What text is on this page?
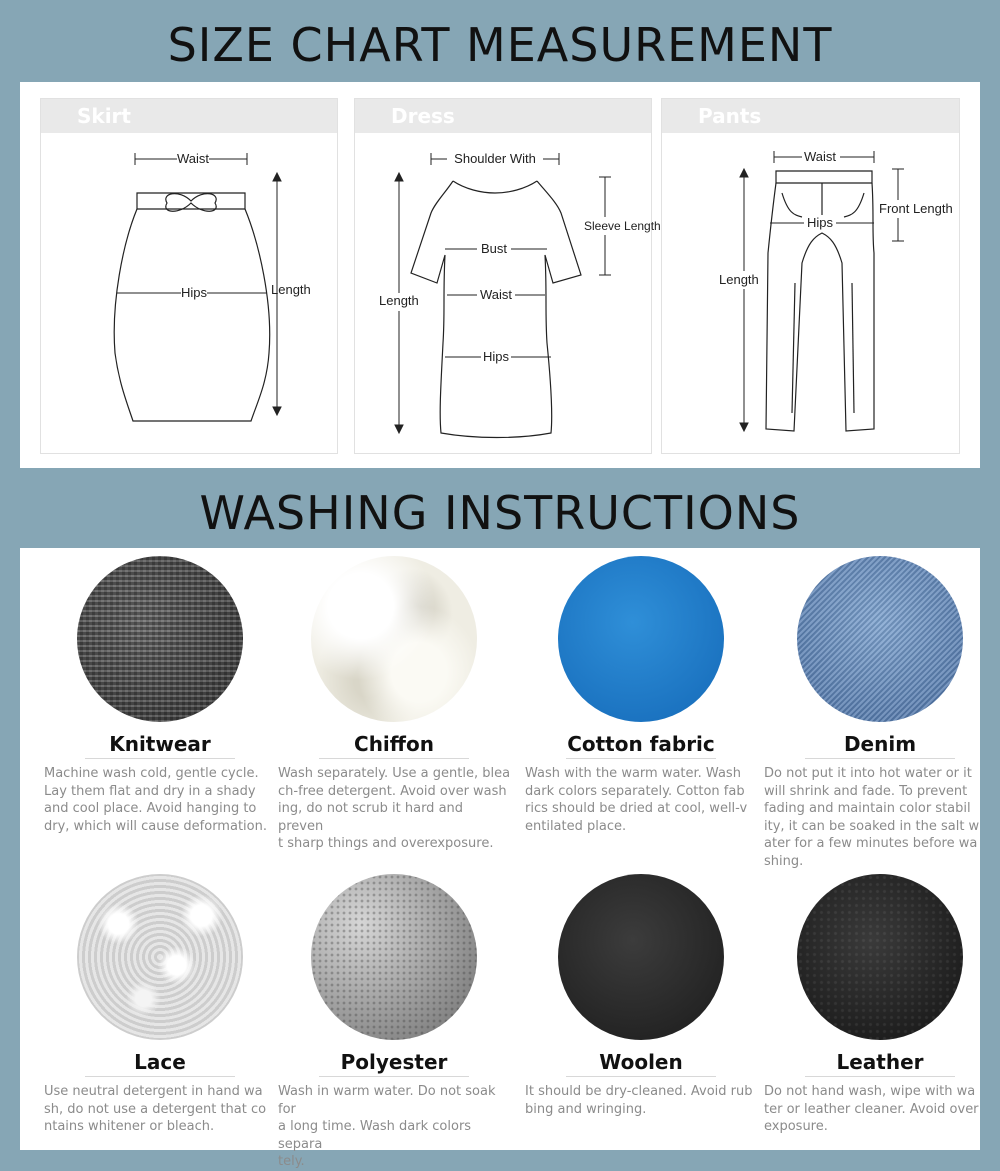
SIZE CHART MEASUREMENT
Skirt
Waist
Hips	Length
Dress
Shoulder With
Sleeve Length
Bust
Length	Waist
Hips
Pants
Waist
Front Length
Hips
Length
WASHING INSTRUCTIONS
Knitwear
Machine wash cold, gentle cycle.
Lay them flat and dry in a shady
and cool place. Avoid hanging to
dry, which will cause deformation.
Chiffon
Wash separately. Use a gentle, blea
ch-free detergent. Avoid over wash
ing, do not scrub it hard and preven
t sharp things and overexposure.
Cotton fabric
Wash with the warm water. Wash
dark colors separately. Cotton fab
rics should be dried at cool, well-v
entilated place.
Denim
Do not put it into hot water or it
will shrink and fade. To prevent
fading and maintain color stabil
ity, it can be soaked in the salt w
ater for a few minutes before wa
shing.
Lace
Use neutral detergent in hand wa
sh, do not use a detergent that co
ntains whitener or bleach.
Polyester
Wash in warm water. Do not soak for
a long time. Wash dark colors separa
tely.
Woolen
It should be dry-cleaned. Avoid rub
bing and wringing.
Leather
Do not hand wash, wipe with wa
ter or leather cleaner. Avoid over
exposure.
